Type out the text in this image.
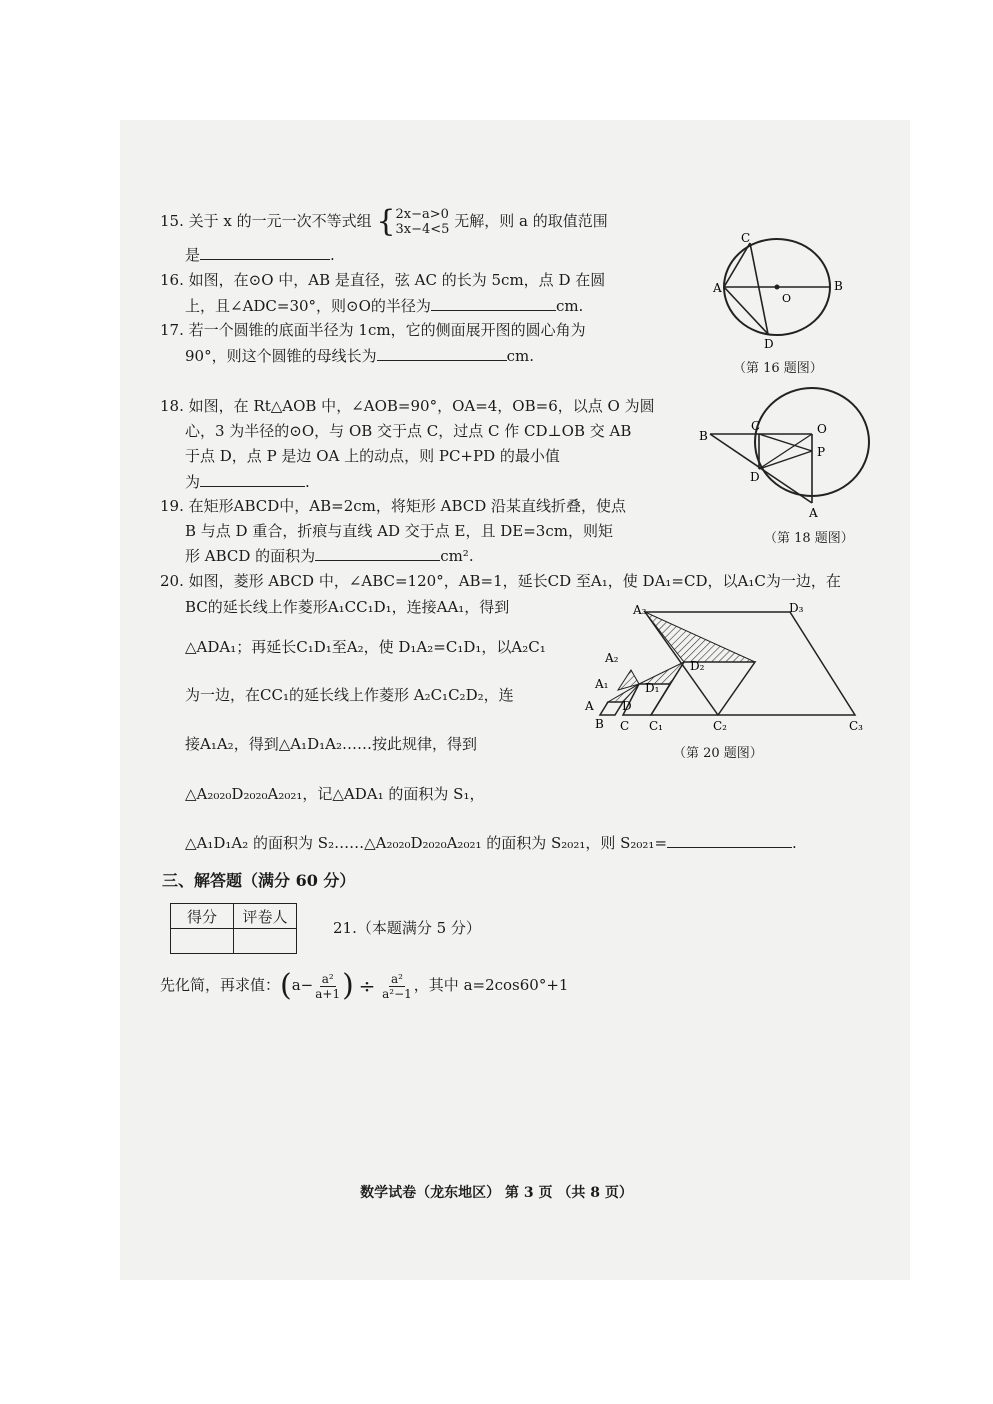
15. 关于 x 的一元一次不等式组 { 2x−a>0
3x−4<5 无解，则 a 的取值范围
是	.
16. 如图，在⊙O 中，AB 是直径，弦 AC 的长为 5cm，点 D 在圆
上，且∠ADC=30°，则⊙O的半径为	cm.
17. 若一个圆锥的底面半径为 1cm，它的侧面展开图的圆心角为
90°，则这个圆锥的母线长为	cm.
18. 如图，在 Rt△AOB 中，∠AOB=90°，OA=4，OB=6，以点 O 为圆
心，3 为半径的⊙O，与 OB 交于点 C，过点 C 作 CD⊥OB 交 AB
于点 D，点 P 是边 OA 上的动点，则 PC+PD 的最小值
为	.
19. 在矩形ABCD中，AB=2cm，将矩形 ABCD 沿某直线折叠，使点
B 与点 D 重合，折痕与直线 AD 交于点 E，且 DE=3cm，则矩
形 ABCD 的面积为	cm².
20. 如图，菱形 ABCD 中，∠ABC=120°，AB=1，延长CD 至A₁，使 DA₁=CD，以A₁C为一边，在
BC的延长线上作菱形A₁CC₁D₁，连接AA₁，得到
△ADA₁；再延长C₁D₁至A₂，使 D₁A₂=C₁D₁，以A₂C₁
为一边，在CC₁的延长线上作菱形 A₂C₁C₂D₂，连
接A₁A₂，得到△A₁D₁A₂……按此规律，得到
△A₂₀₂₀D₂₀₂₀A₂₀₂₁，记△ADA₁ 的面积为 S₁，
△A₁D₁A₂ 的面积为 S₂……△A₂₀₂₀D₂₀₂₀A₂₀₂₁ 的面积为 S₂₀₂₁，则 S₂₀₂₁=	.
A	B
C
D
O
（第 16 题图）
B
C	O
P
D
A
（第 18 题图）
A
B C
D
A₁
C₁
D₁
A₂
C₂
D₂
A₃
C₃
D₃
（第 20 题图）
三、解答题（满分 60 分）
得分	评卷人

21.（本题满分 5 分）
先化简，再求值：($a- \frac{\text{a²}}{a+1}$ ) ÷ $\frac{\text{a²}}{\text{a²−1}}$ ，其中 a=2cos60°+1
数学试卷（龙东地区） 第 3 页 （共 8 页）
